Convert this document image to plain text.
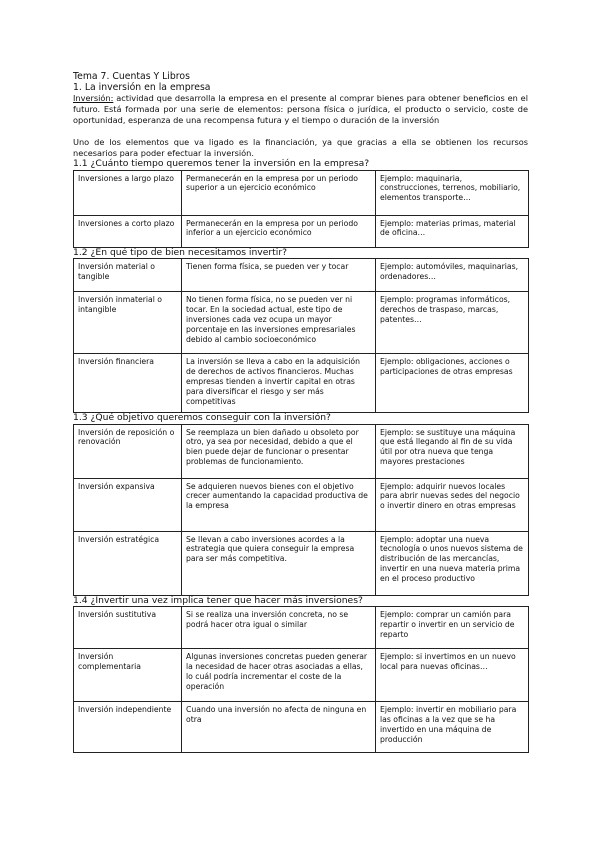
Tema 7. Cuentas Y Libros
1. La inversión en la empresa
Inversión: actividad que desarrolla la empresa en el presente al comprar bienes para obtener beneficios en el futuro. Está formada por una serie de elementos: persona física o jurídica, el producto o servicio, coste de oportunidad, esperanza de una recompensa futura y el tiempo o duración de la inversión
Uno de los elementos que va ligado es la financiación, ya que gracias a ella se obtienen los recursos necesarios para poder efectuar la inversión.
1.1 ¿Cuánto tiempo queremos tener la inversión en la empresa?
Inversiones a largo plazo	Permanecerán en la empresa por un periodo superior a un ejercicio económico	Ejemplo: maquinaria, construcciones, terrenos, mobiliario, elementos transporte…
Inversiones a corto plazo	Permanecerán en la empresa por un periodo inferior a un ejercicio económico	Ejemplo: materias primas, material de oficina…
1.2 ¿En qué tipo de bien necesitamos invertir?
Inversión material o tangible	Tienen forma física, se pueden ver y tocar	Ejemplo: automóviles, maquinarias, ordenadores…
Inversión inmaterial o intangible	No tienen forma física, no se pueden ver ni tocar. En la sociedad actual, este tipo de inversiones cada vez ocupa un mayor porcentaje en las inversiones empresariales debido al cambio socioeconómico	Ejemplo: programas informáticos, derechos de traspaso, marcas, patentes…
Inversión financiera	La inversión se lleva a cabo en la adquisición de derechos de activos financieros. Muchas empresas tienden a invertir capital en otras para diversificar el riesgo y ser más competitivas	Ejemplo: obligaciones, acciones o participaciones de otras empresas
1.3 ¿Qué objetivo queremos conseguir con la inversión?
Inversión de reposición o renovación	Se reemplaza un bien dañado u obsoleto por otro, ya sea por necesidad, debido a que el bien puede dejar de funcionar o presentar problemas de funcionamiento.	Ejemplo: se sustituye una máquina que está llegando al fin de su vida útil por otra nueva que tenga mayores prestaciones
Inversión expansiva	Se adquieren nuevos bienes con el objetivo crecer aumentando la capacidad productiva de la empresa	Ejemplo: adquirir nuevos locales para abrir nuevas sedes del negocio o invertir dinero en otras empresas
Inversión estratégica	Se llevan a cabo inversiones acordes a la estrategia que quiera conseguir la empresa para ser más competitiva.	Ejemplo: adoptar una nueva tecnología o unos nuevos sistema de distribución de las mercancías, invertir en una nueva materia prima en el proceso productivo
1.4 ¿Invertir una vez implica tener que hacer más inversiones?
Inversión sustitutiva	Si se realiza una inversión concreta, no se podrá hacer otra igual o similar	Ejemplo: comprar un camión para repartir o invertir en un servicio de reparto
Inversión complementaria	Algunas inversiones concretas pueden generar la necesidad de hacer otras asociadas a ellas, lo cuál podría incrementar el coste de la operación	Ejemplo: si invertimos en un nuevo local para nuevas oficinas…
Inversión independiente	Cuando una inversión no afecta de ninguna en otra	Ejemplo: invertir en mobiliario para las oficinas a la vez que se ha invertido en una máquina de producción
